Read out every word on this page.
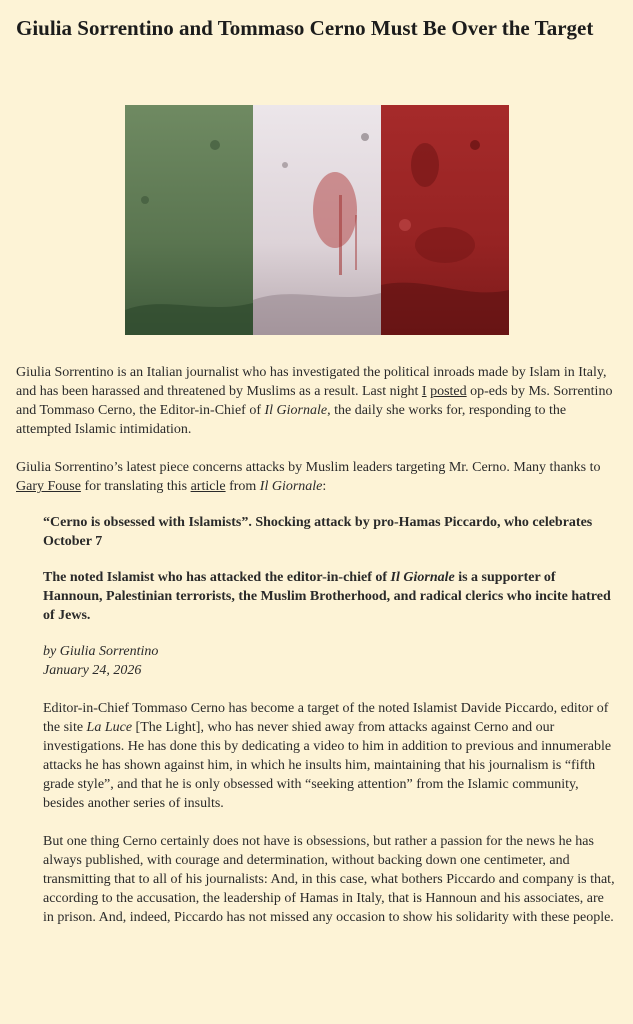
Giulia Sorrentino and Tommaso Cerno Must Be Over the Target

Giulia Sorrentino is an Italian journalist who has investigated the political inroads made by Islam in Italy, and has been harassed and threatened by Muslims as a result. Last night I posted op-eds by Ms. Sorrentino and Tommaso Cerno, the Editor-in-Chief of Il Giornale, the daily she works for, responding to the attempted Islamic intimidation.

Giulia Sorrentino’s latest piece concerns attacks by Muslim leaders targeting Mr. Cerno. Many thanks to Gary Fouse for translating this article from Il Giornale:

“Cerno is obsessed with Islamists”. Shocking attack by pro-Hamas Piccardo, who celebrates October 7

The noted Islamist who has attacked the editor-in-chief of Il Giornale is a supporter of Hannoun, Palestinian terrorists, the Muslim Brotherhood, and radical clerics who incite hatred of Jews.

by Giulia Sorrentino
January 24, 2026

Editor-in-Chief Tommaso Cerno has become a target of the noted Islamist Davide Piccardo, editor of the site La Luce [The Light], who has never shied away from attacks against Cerno and our investigations. He has done this by dedicating a video to him in addition to previous and innumerable attacks he has shown against him, in which he insults him, maintaining that his journalism is “fifth grade style”, and that he is only obsessed with “seeking attention” from the Islamic community, besides another series of insults.

But one thing Cerno certainly does not have is obsessions, but rather a passion for the news he has always published, with courage and determination, without backing down one centimeter, and transmitting that to all of his journalists: And, in this case, what bothers Piccardo and company is that, according to the accusation, the leadership of Hamas in Italy, that is Hannoun and his associates, are in prison. And, indeed, Piccardo has not missed any occasion to show his solidarity with these people.
